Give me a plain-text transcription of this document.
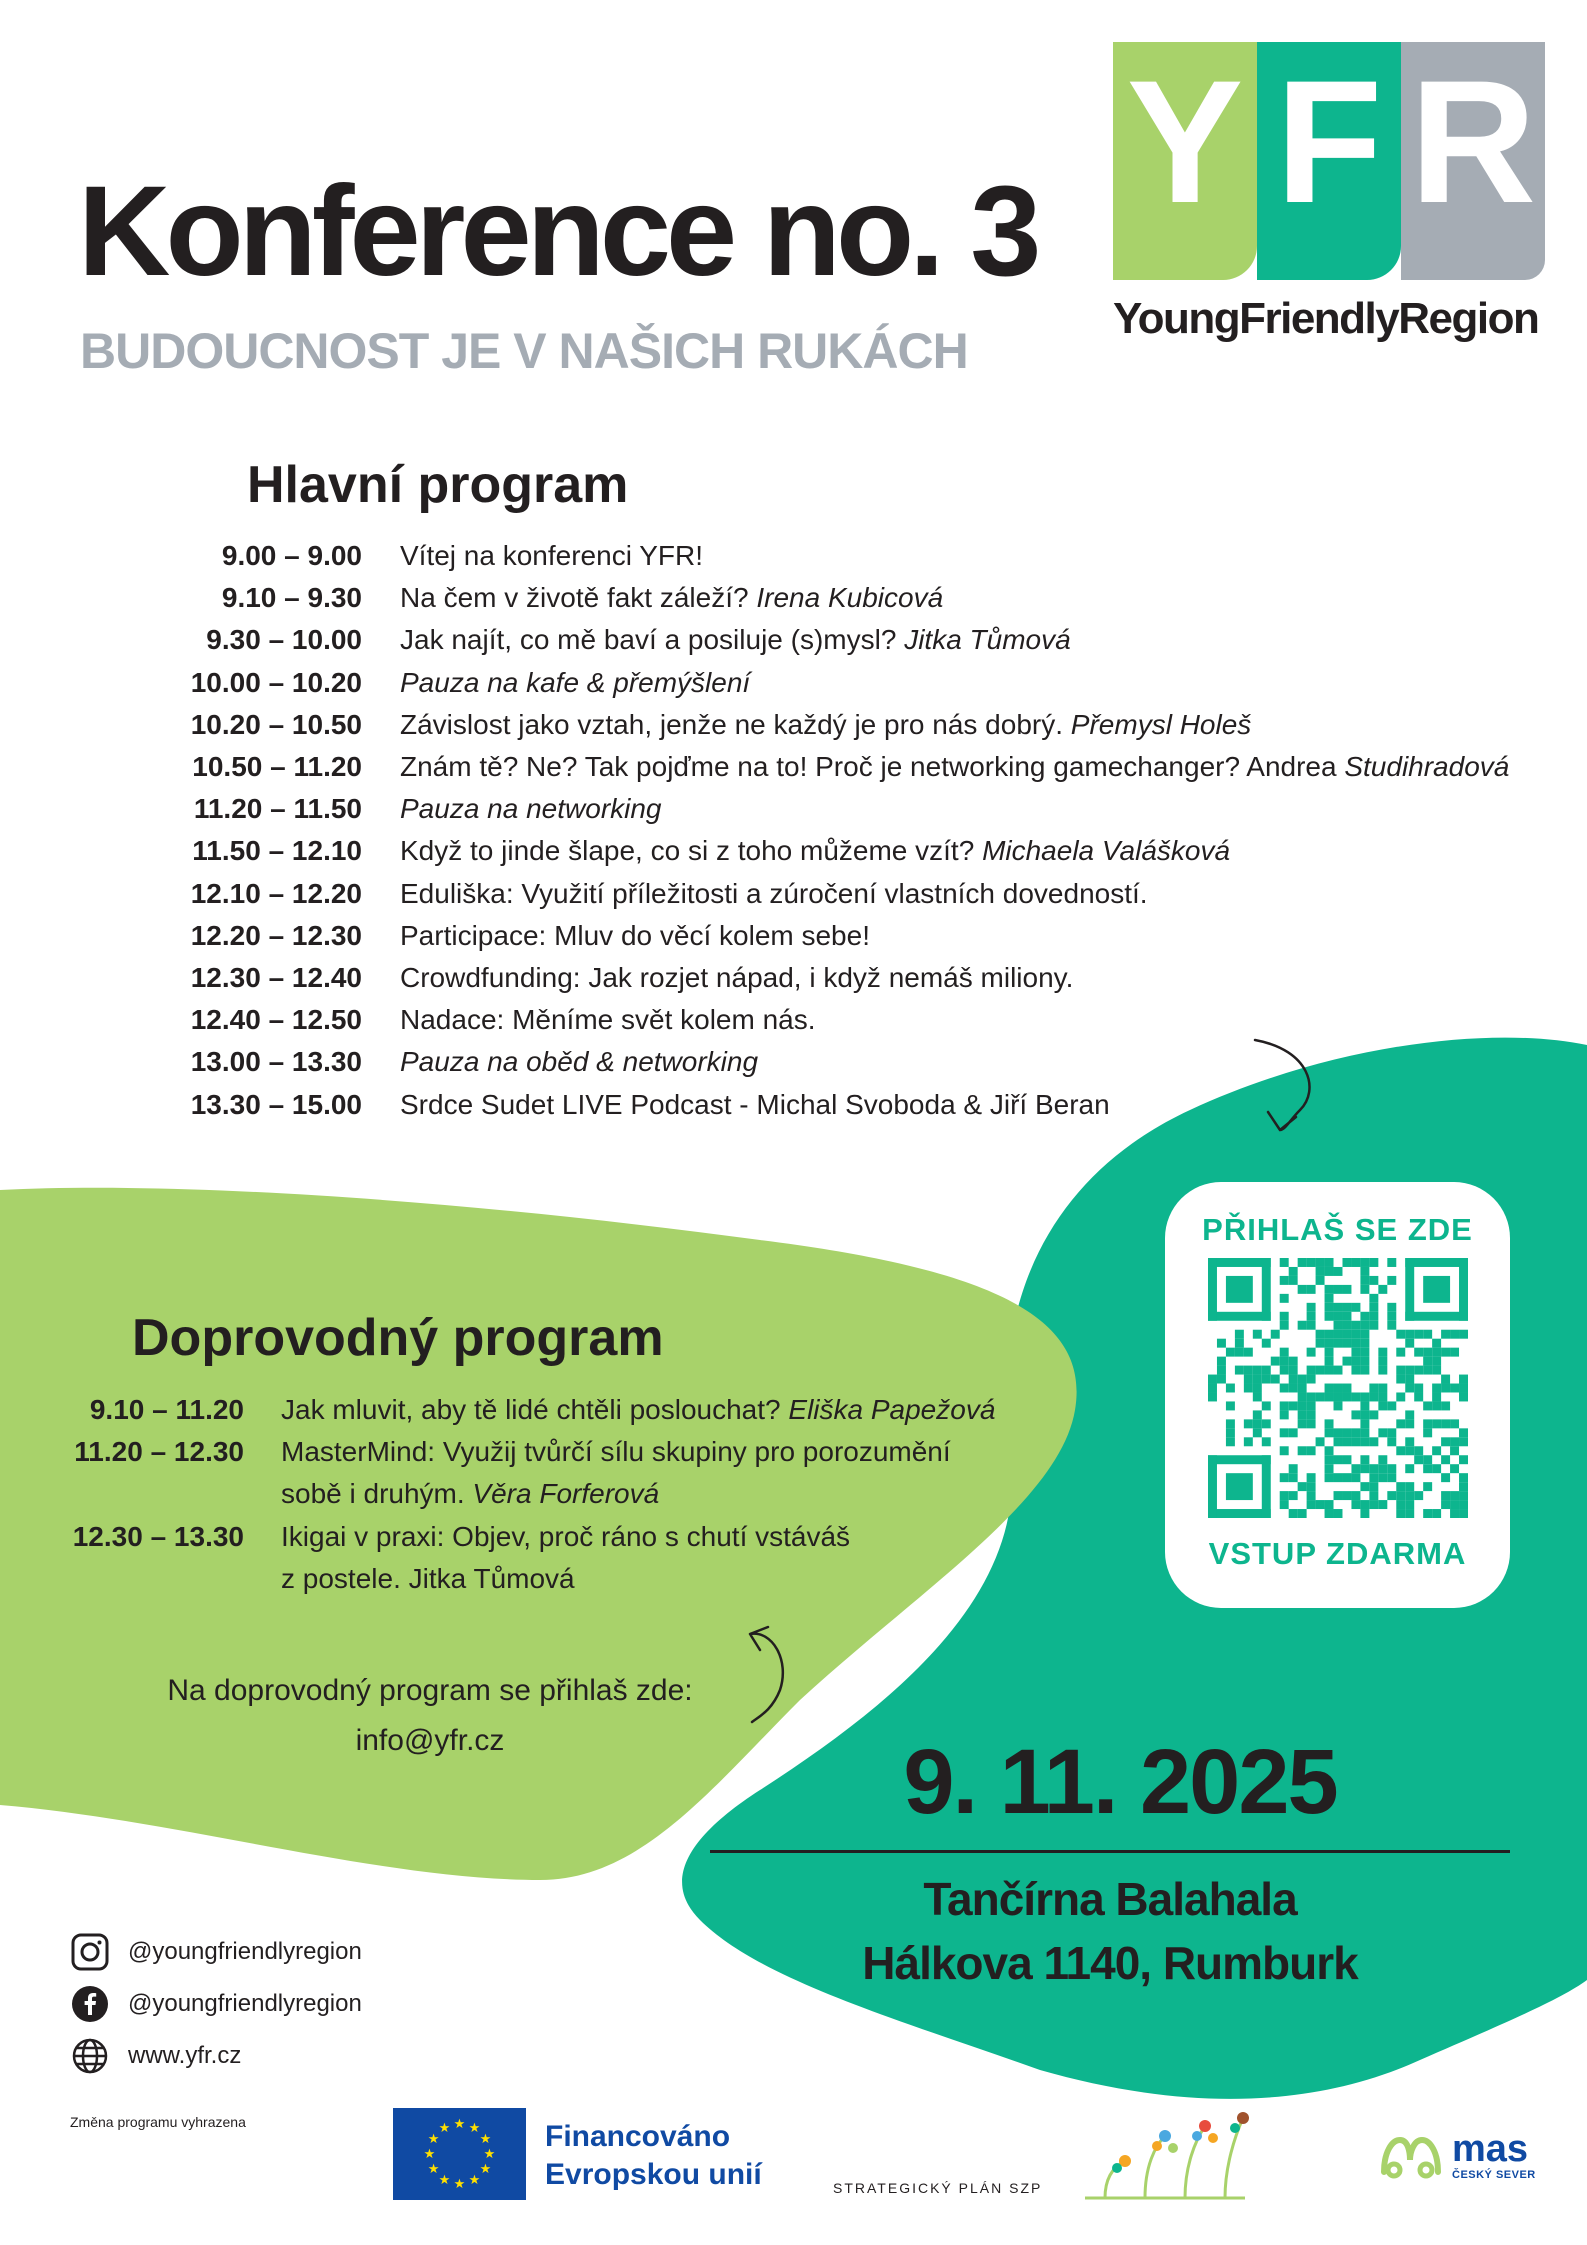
Konference no. 3
BUDOUCNOST JE V NAŠICH RUKÁCH
Y F R
YoungFriendlyRegion
Hlavní program
9.00 – 9.00 Vítej na konferenci YFR!
9.10 – 9.30 Na čem v životě fakt záleží? Irena Kubicová
9.30 – 10.00 Jak najít, co mě baví a posiluje (s)mysl? Jitka Tůmová
10.00 – 10.20 Pauza na kafe & přemýšlení
10.20 – 10.50 Závislost jako vztah, jenže ne každý je pro nás dobrý. Přemysl Holeš
10.50 – 11.20 Znám tě? Ne? Tak pojďme na to! Proč je networking gamechanger? Andrea Studihradová
11.20 – 11.50 Pauza na networking
11.50 – 12.10 Když to jinde šlape, co si z toho můžeme vzít? Michaela Valášková
12.10 – 12.20 Eduliška: Využití příležitosti a zúročení vlastních dovedností.
12.20 – 12.30 Participace: Mluv do věcí kolem sebe!
12.30 – 12.40 Crowdfunding: Jak rozjet nápad, i když nemáš miliony.
12.40 – 12.50 Nadace: Měníme svět kolem nás.
13.00 – 13.30 Pauza na oběd & networking
13.30 – 15.00 Srdce Sudet LIVE Podcast - Michal Svoboda & Jiří Beran
Doprovodný program
9.10 – 11.20 Jak mluvit, aby tě lidé chtěli poslouchat? Eliška Papežová
11.20 – 12.30 MasterMind: Využij tvůrčí sílu skupiny pro porozumění
sobě i druhým. Věra Forferová
12.30 – 13.30 Ikigai v praxi: Objev, proč ráno s chutí vstáváš
z postele. Jitka Tůmová
Na doprovodný program se přihlaš zde:
info@yfr.cz
PŘIHLAŠ SE ZDE
VSTUP ZDARMA
9. 11. 2025
Tančírna Balahala
Hálkova 1140, Rumburk
@youngfriendlyregion
@youngfriendlyregion
www.yfr.cz
Změna programu vyhrazena
★
★
★
★
★
★
★
★
★ ★ ★
★ Financováno
Evropskou unií	STRATEGICKÝ PLÁN SZP
mas
ČESKÝ SEVER
